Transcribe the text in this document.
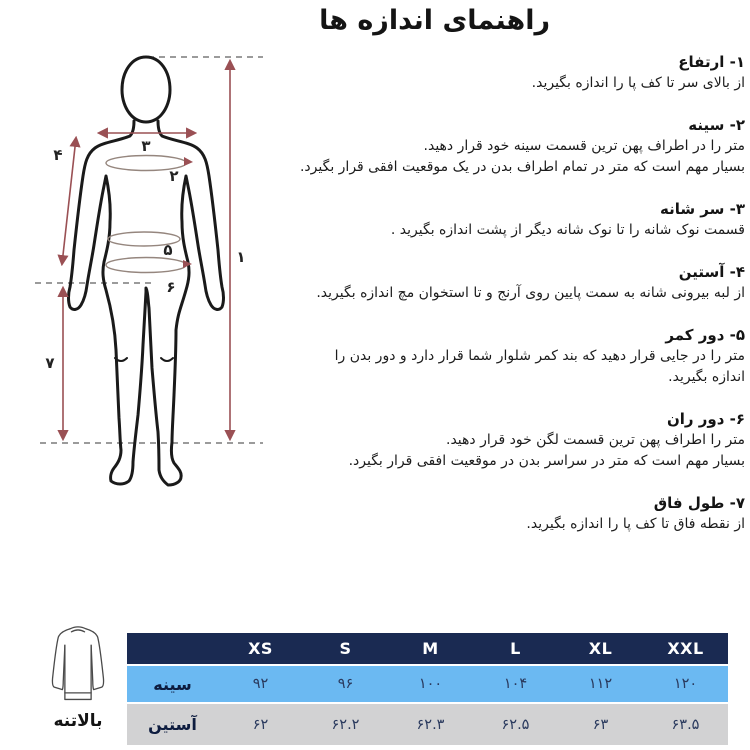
راهنمای اندازه ها
۳
۴
۲
۵
۶
۱
۷
۱- ارتفاع
از بالای سر تا کف پا را اندازه بگیرید.
۲- سینه
متر را در اطراف پهن ترین قسمت سینه خود قرار دهید.
بسیار مهم است که متر در تمام اطراف بدن در یک موقعیت افقی قرار بگیرد.
۳- سر شانه
قسمت نوک شانه را تا نوک شانه دیگر از پشت اندازه بگیرید .
۴- آستین
از لبه بیرونی شانه به سمت پایین روی آرنج و تا استخوان مچ اندازه بگیرید.
۵- دور کمر
متر را در جایی قرار دهید که بند کمر شلوار شما قرار دارد و دور بدن را
اندازه بگیرید.
۶- دور ران
متر را اطراف پهن ترین قسمت لگن خود قرار دهید.
بسیار مهم است که متر در سراسر بدن در موقعیت افقی قرار بگیرد.
۷- طول فاق
از نقطه فاق تا کف پا را اندازه بگیرید.
بالاتنه
XS	S	M	L	XL	XXL
سینه	۹۲	۹۶	۱۰۰	۱۰۴	۱۱۲	۱۲۰
آستین	۶۲	۶۲.۲	۶۲.۳	۶۲.۵	۶۳	۶۳.۵
